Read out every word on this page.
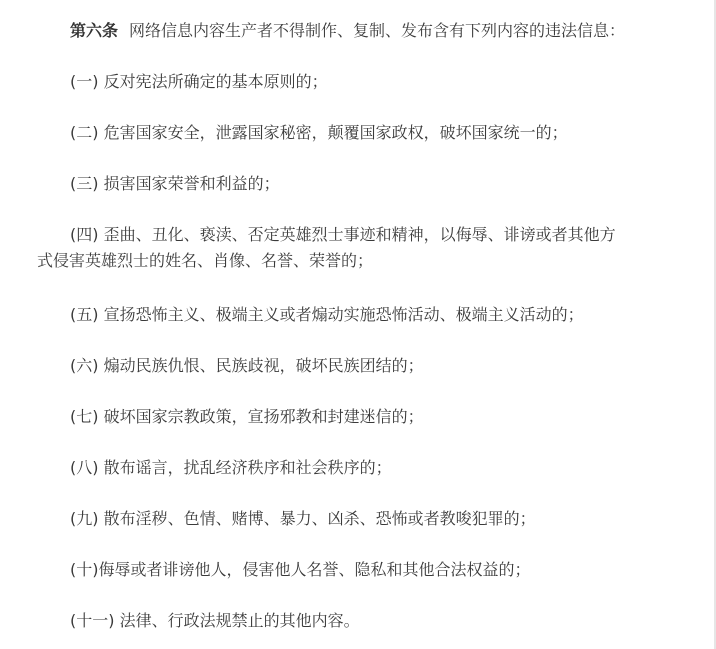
第六条 网络信息内容生产者不得制作、复制、发布含有下列内容的违法信息：
(一) 反对宪法所确定的基本原则的；
(二) 危害国家安全，泄露国家秘密，颠覆国家政权，破坏国家统一的；
(三) 损害国家荣誉和利益的；
(四) 歪曲、丑化、亵渎、否定英雄烈士事迹和精神，以侮辱、诽谤或者其他方
式侵害英雄烈士的姓名、肖像、名誉、荣誉的；
(五) 宣扬恐怖主义、极端主义或者煽动实施恐怖活动、极端主义活动的；
(六) 煽动民族仇恨、民族歧视，破坏民族团结的；
(七) 破坏国家宗教政策，宣扬邪教和封建迷信的；
(八) 散布谣言，扰乱经济秩序和社会秩序的；
(九) 散布淫秽、色情、赌博、暴力、凶杀、恐怖或者教唆犯罪的；
(十)侮辱或者诽谤他人，侵害他人名誉、隐私和其他合法权益的；
(十一) 法律、行政法规禁止的其他内容。
